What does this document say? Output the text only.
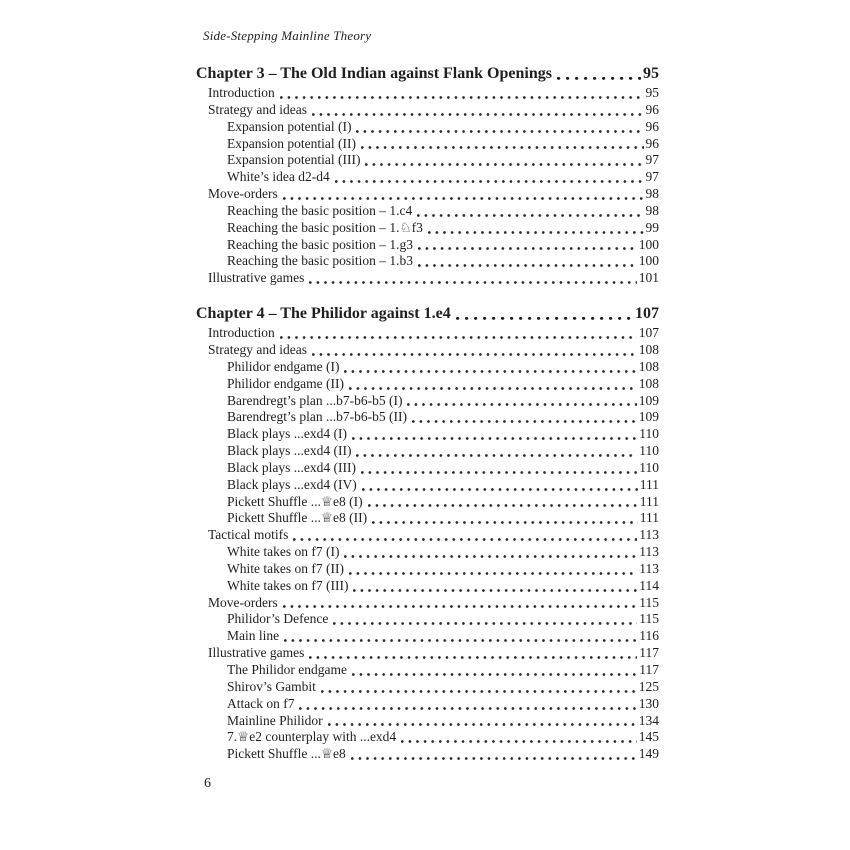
Side-Stepping Mainline Theory
Chapter 3 – The Old Indian against Flank Openings	95
Introduction	95
Strategy and ideas	96
Expansion potential (I)	96
Expansion potential (II)	96
Expansion potential (III)	97
White’s idea d2-d4	97
Move-orders	98
Reaching the basic position – 1.c4	98
Reaching the basic position – 1.♘f3	99
Reaching the basic position – 1.g3	100
Reaching the basic position – 1.b3	100
Illustrative games	101
Chapter 4 – The Philidor against 1.e4	107
Introduction	107
Strategy and ideas	108
Philidor endgame (I)	108
Philidor endgame (II)	108
Barendregt’s plan ...b7-b6-b5 (I)	109
Barendregt’s plan ...b7-b6-b5 (II)	109
Black plays ...exd4 (I)	110
Black plays ...exd4 (II)	110
Black plays ...exd4 (III)	110
Black plays ...exd4 (IV)	111
Pickett Shuffle ...♕e8 (I)	111
Pickett Shuffle ...♕e8 (II)	111
Tactical motifs	113
White takes on f7 (I)	113
White takes on f7 (II)	113
White takes on f7 (III)	114
Move-orders	115
Philidor’s Defence	115
Main line	116
Illustrative games	117
The Philidor endgame	117
Shirov’s Gambit	125
Attack on f7	130
Mainline Philidor	134
7.♕e2 counterplay with ...exd4	145
Pickett Shuffle ...♕e8	149
6
